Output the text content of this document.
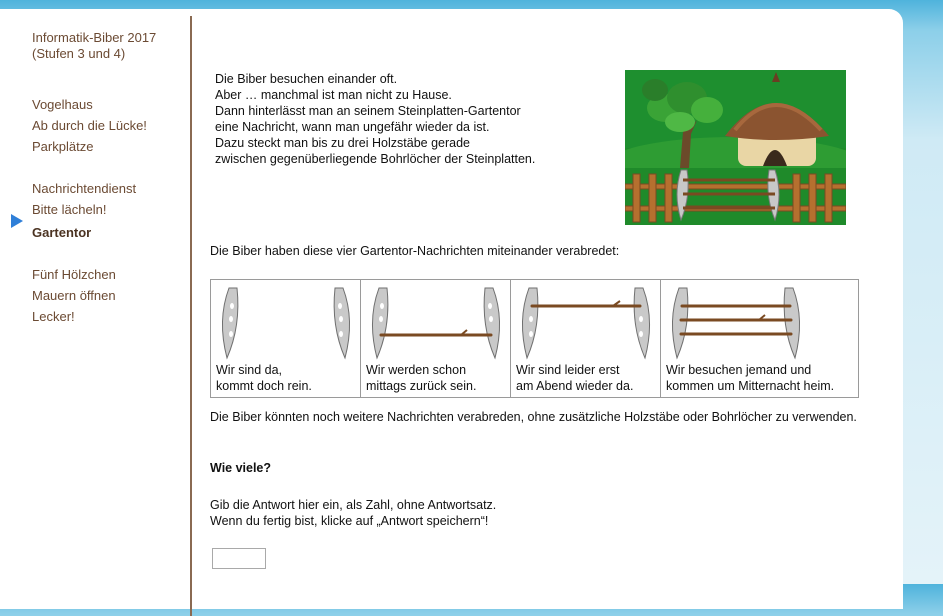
Informatik-Biber 2017
(Stufen 3 und 4)
Vogelhaus
Ab durch die Lücke!
Parkplätze
Nachrichtendienst
Bitte lächeln!
Gartentor
Fünf Hölzchen
Mauern öffnen
Lecker!
Die Biber besuchen einander oft.
Aber … manchmal ist man nicht zu Hause.
Dann hinterlässt man an seinem Steinplatten-Gartentor
eine Nachricht, wann man ungefähr wieder da ist.
Dazu steckt man bis zu drei Holzstäbe gerade
zwischen gegenüberliegende Bohrlöcher der Steinplatten.
Die Biber haben diese vier Gartentor-Nachrichten miteinander verabredet:
Wir sind da,
kommt doch rein.

Wir werden schon
mittags zurück sein.

Wir sind leider erst
am Abend wieder da.

Wir besuchen jemand und
kommen um Mitternacht heim.
Die Biber könnten noch weitere Nachrichten verabreden, ohne zusätzliche Holzstäbe oder Bohrlöcher zu verwenden.
Wie viele?
Gib die Antwort hier ein, als Zahl, ohne Antwortsatz.
Wenn du fertig bist, klicke auf „Antwort speichern“!
